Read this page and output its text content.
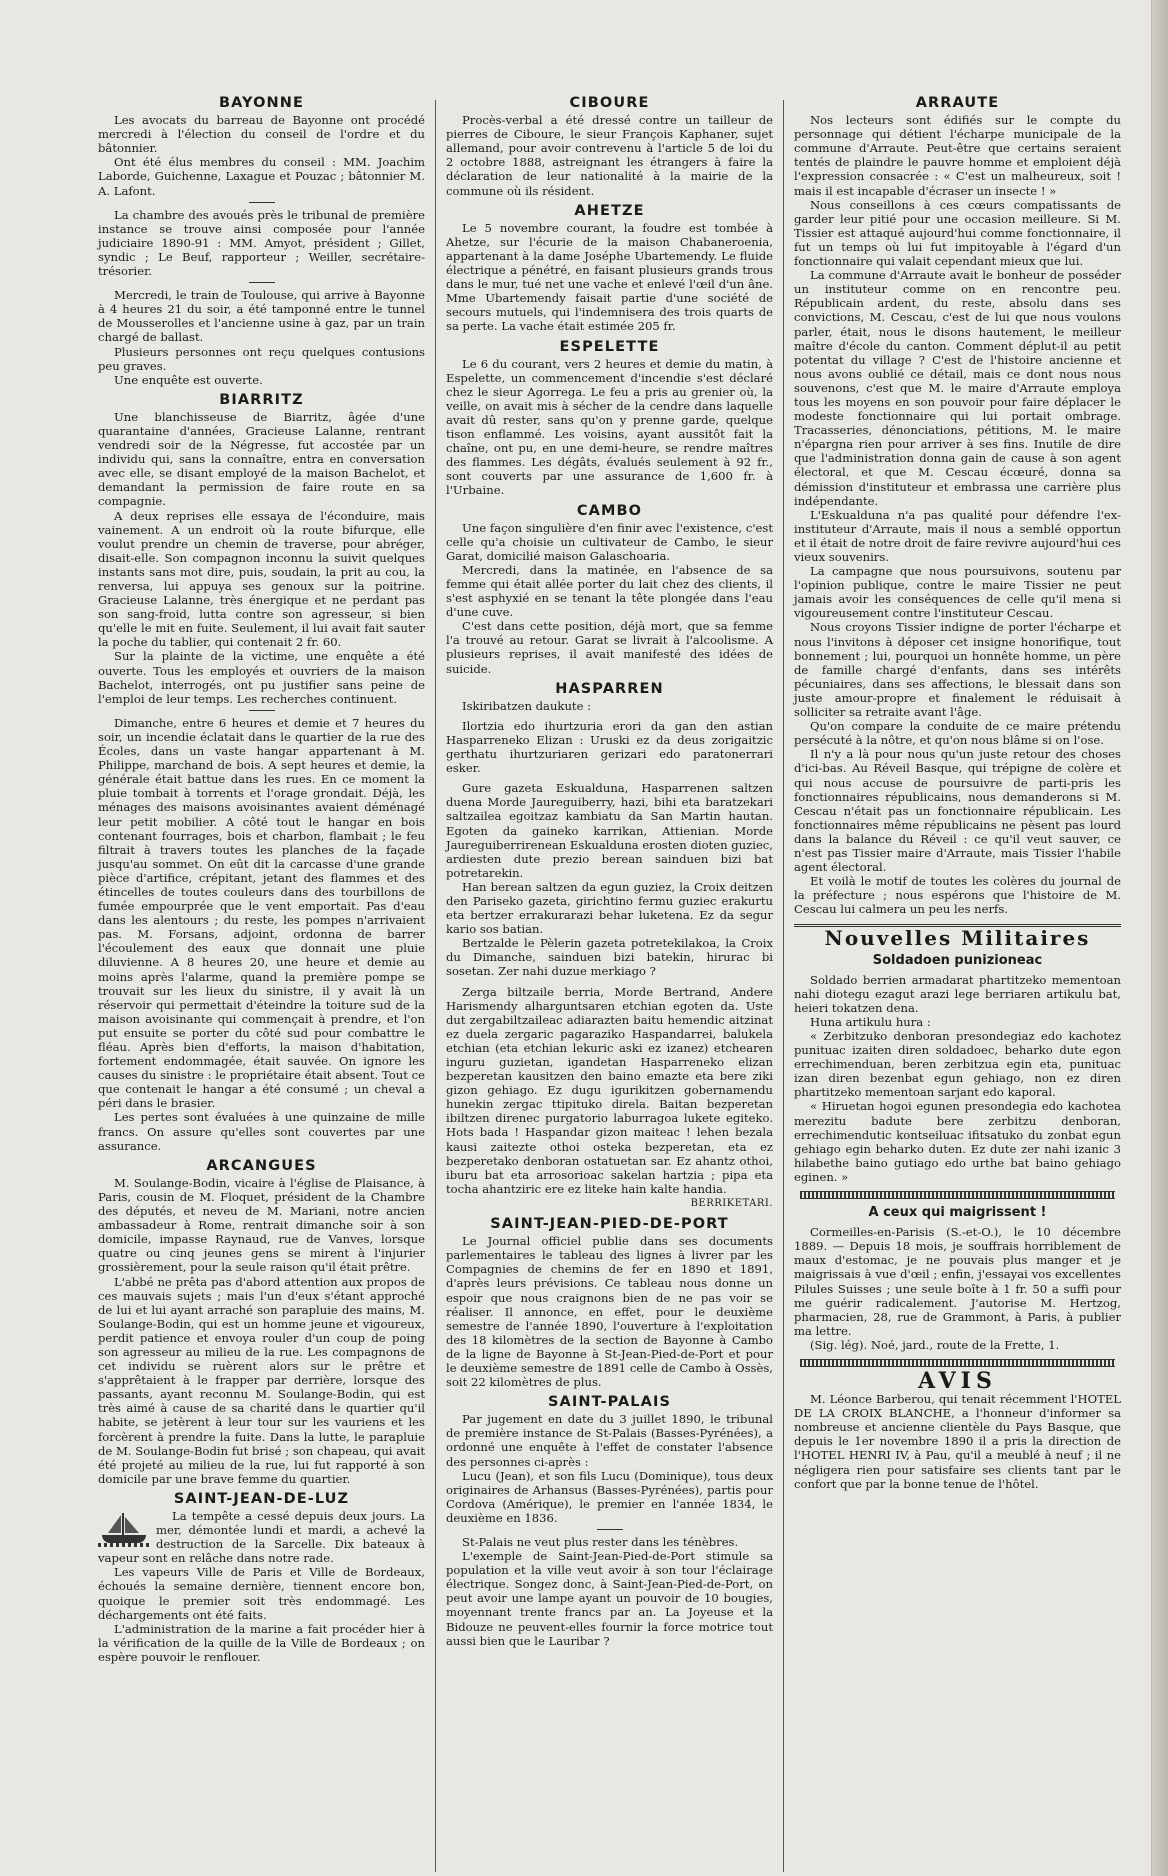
BAYONNE

Les avocats du barreau de Bayonne ont procédé mercredi à l'élection du conseil de l'ordre et du bâtonnier.

Ont été élus membres du conseil : MM. Joachim Laborde, Guichenne, Laxague et Pouzac ; bâtonnier M. A. Lafont.

La chambre des avoués près le tribunal de première instance se trouve ainsi composée pour l'année judiciaire 1890-91 : MM. Amyot, président ; Gillet, syndic ; Le Beuf, rapporteur ; Weiller, secrétaire-trésorier.

Mercredi, le train de Toulouse, qui arrive à Bayonne à 4 heures 21 du soir, a été tamponné entre le tunnel de Mousserolles et l'ancienne usine à gaz, par un train chargé de ballast.

Plusieurs personnes ont reçu quelques contusions peu graves.

Une enquête est ouverte.

BIARRITZ

Une blanchisseuse de Biarritz, âgée d'une quarantaine d'années, Gracieuse Lalanne, rentrant vendredi soir de la Négresse, fut accostée par un individu qui, sans la connaître, entra en conversation avec elle, se disant employé de la maison Bachelot, et demandant la permission de faire route en sa compagnie.

A deux reprises elle essaya de l'éconduire, mais vainement. A un endroit où la route bifurque, elle voulut prendre un chemin de traverse, pour abréger, disait-elle. Son compagnon inconnu la suivit quelques instants sans mot dire, puis, soudain, la prit au cou, la renversa, lui appuya ses genoux sur la poitrine. Gracieuse Lalanne, très énergique et ne perdant pas son sang-froid, lutta contre son agresseur, si bien qu'elle le mit en fuite. Seulement, il lui avait fait sauter la poche du tablier, qui contenait 2 fr. 60.

Sur la plainte de la victime, une enquête a été ouverte. Tous les employés et ouvriers de la maison Bachelot, interrogés, ont pu justifier sans peine de l'emploi de leur temps. Les recherches continuent.

Dimanche, entre 6 heures et demie et 7 heures du soir, un incendie éclatait dans le quartier de la rue des Écoles, dans un vaste hangar appartenant à M. Philippe, marchand de bois. A sept heures et demie, la générale était battue dans les rues. En ce moment la pluie tombait à torrents et l'orage grondait. Déjà, les ménages des maisons avoisinantes avaient déménagé leur petit mobilier. A côté tout le hangar en bois contenant fourrages, bois et charbon, flambait ; le feu filtrait à travers toutes les planches de la façade jusqu'au sommet. On eût dit la carcasse d'une grande pièce d'artifice, crépitant, jetant des flammes et des étincelles de toutes couleurs dans des tourbillons de fumée empourprée que le vent emportait. Pas d'eau dans les alentours ; du reste, les pompes n'arrivaient pas. M. Forsans, adjoint, ordonna de barrer l'écoulement des eaux que donnait une pluie diluvienne. A 8 heures 20, une heure et demie au moins après l'alarme, quand la première pompe se trouvait sur les lieux du sinistre, il y avait là un réservoir qui permettait d'éteindre la toiture sud de la maison avoisinante qui commençait à prendre, et l'on put ensuite se porter du côté sud pour combattre le fléau. Après bien d'efforts, la maison d'habitation, fortement endommagée, était sauvée. On ignore les causes du sinistre : le propriétaire était absent. Tout ce que contenait le hangar a été consumé ; un cheval a péri dans le brasier.

Les pertes sont évaluées à une quinzaine de mille francs. On assure qu'elles sont couvertes par une assurance.

ARCANGUES

M. Soulange-Bodin, vicaire à l'église de Plaisance, à Paris, cousin de M. Floquet, président de la Chambre des députés, et neveu de M. Mariani, notre ancien ambassadeur à Rome, rentrait dimanche soir à son domicile, impasse Raynaud, rue de Vanves, lorsque quatre ou cinq jeunes gens se mirent à l'injurier grossièrement, pour la seule raison qu'il était prêtre.

L'abbé ne prêta pas d'abord attention aux propos de ces mauvais sujets ; mais l'un d'eux s'étant approché de lui et lui ayant arraché son parapluie des mains, M. Soulange-Bodin, qui est un homme jeune et vigoureux, perdit patience et envoya rouler d'un coup de poing son agresseur au milieu de la rue. Les compagnons de cet individu se ruèrent alors sur le prêtre et s'apprêtaient à le frapper par derrière, lorsque des passants, ayant reconnu M. Soulange-Bodin, qui est très aimé à cause de sa charité dans le quartier qu'il habite, se jetèrent à leur tour sur les vauriens et les forcèrent à prendre la fuite. Dans la lutte, le parapluie de M. Soulange-Bodin fut brisé ; son chapeau, qui avait été projeté au milieu de la rue, lui fut rapporté à son domicile par une brave femme du quartier.

SAINT-JEAN-DE-LUZ

La tempête a cessé depuis deux jours. La mer, démontée lundi et mardi, a achevé la destruction de la Sarcelle. Dix bateaux à vapeur sont en relâche dans notre rade.

Les vapeurs Ville de Paris et Ville de Bordeaux, échoués la semaine dernière, tiennent encore bon, quoique le premier soit très endommagé. Les déchargements ont été faits.

L'administration de la marine a fait procéder hier à la vérification de la quille de la Ville de Bordeaux ; on espère pouvoir le renflouer.

CIBOURE

Procès-verbal a été dressé contre un tailleur de pierres de Ciboure, le sieur François Kaphaner, sujet allemand, pour avoir contrevenu à l'article 5 de loi du 2 octobre 1888, astreignant les étrangers à faire la déclaration de leur nationalité à la mairie de la commune où ils résident.

AHETZE

Le 5 novembre courant, la foudre est tombée à Ahetze, sur l'écurie de la maison Chabaneroenia, appartenant à la dame Joséphe Ubartemendy. Le fluide électrique a pénétré, en faisant plusieurs grands trous dans le mur, tué net une vache et enlevé l'œil d'un âne. Mme Ubartemendy faisait partie d'une société de secours mutuels, qui l'indemnisera des trois quarts de sa perte. La vache était estimée 205 fr.

ESPELETTE

Le 6 du courant, vers 2 heures et demie du matin, à Espelette, un commencement d'incendie s'est déclaré chez le sieur Agorrega. Le feu a pris au grenier où, la veille, on avait mis à sécher de la cendre dans laquelle avait dû rester, sans qu'on y prenne garde, quelque tison enflammé. Les voisins, ayant aussitôt fait la chaîne, ont pu, en une demi-heure, se rendre maîtres des flammes. Les dégâts, évalués seulement à 92 fr., sont couverts par une assurance de 1,600 fr. à l'Urbaine.

CAMBO

Une façon singulière d'en finir avec l'existence, c'est celle qu'a choisie un cultivateur de Cambo, le sieur Garat, domicilié maison Galaschoaria.

Mercredi, dans la matinée, en l'absence de sa femme qui était allée porter du lait chez des clients, il s'est asphyxié en se tenant la tête plongée dans l'eau d'une cuve.

C'est dans cette position, déjà mort, que sa femme l'a trouvé au retour. Garat se livrait à l'alcoolisme. A plusieurs reprises, il avait manifesté des idées de suicide.

HASPARREN

Iskiribatzen daukute :

Ilortzia edo ihurtzuria erori da gan den astian Hasparreneko Elizan : Uruski ez da deus zorigaitzic gerthatu ihurtzuriaren gerizari edo paratonerrari esker.

Gure gazeta Eskualduna, Hasparrenen saltzen duena Morde Jaureguiberry, hazi, bihi eta baratzekari saltzailea egoitzaz kambiatu da San Martin hautan. Egoten da gaineko karrikan, Attienian. Morde Jaureguiberrirenean Eskualduna erosten dioten guziec, ardiesten dute prezio berean sainduen bizi bat potretarekin.

Han berean saltzen da egun guziez, la Croix deitzen den Pariseko gazeta, girichtino fermu guziec erakurtu eta bertzer errakurarazi behar luketena. Ez da segur kario sos batian.

Bertzalde le Pèlerin gazeta potretekilakoa, la Croix du Dimanche, sainduen bizi batekin, hirurac bi sosetan. Zer nahi duzue merkiago ?

Zerga biltzaile berria, Morde Bertrand, Andere Harismendy alharguntsaren etchian egoten da. Uste dut zergabiltzaileac adiarazten baitu hemendic aitzinat ez duela zergaric pagaraziko Haspandarrei, balukela etchian (eta etchian lekuric aski ez izanez) etchearen inguru guzietan, igandetan Hasparreneko elizan bezperetan kausitzen den baino emazte eta bere ziki gizon gehiago. Ez dugu igurikitzen gobernamendu hunekin zergac ttipituko direla. Baitan bezperetan ibiltzen direnec purgatorio laburragoa lukete egiteko. Hots bada ! Haspandar gizon maiteac ! lehen bezala kausi zaitezte othoi osteka bezperetan, eta ez bezperetako denboran ostatuetan sar. Ez ahantz othoi, iburu bat eta arrosorioac sakelan hartzia ; pipa eta tocha ahantziric ere ez liteke hain kalte handia.

BERRIKETARI.

SAINT-JEAN-PIED-DE-PORT

Le Journal officiel publie dans ses documents parlementaires le tableau des lignes à livrer par les Compagnies de chemins de fer en 1890 et 1891, d'après leurs prévisions. Ce tableau nous donne un espoir que nous craignons bien de ne pas voir se réaliser. Il annonce, en effet, pour le deuxième semestre de l'année 1890, l'ouverture à l'exploitation des 18 kilomètres de la section de Bayonne à Cambo de la ligne de Bayonne à St-Jean-Pied-de-Port et pour le deuxième semestre de 1891 celle de Cambo à Ossès, soit 22 kilomètres de plus.

SAINT-PALAIS

Par jugement en date du 3 juillet 1890, le tribunal de première instance de St-Palais (Basses-Pyrénées), a ordonné une enquête à l'effet de constater l'absence des personnes ci-après :

Lucu (Jean), et son fils Lucu (Dominique), tous deux originaires de Arhansus (Basses-Pyrénées), partis pour Cordova (Amérique), le premier en l'année 1834, le deuxième en 1836.

St-Palais ne veut plus rester dans les ténèbres.

L'exemple de Saint-Jean-Pied-de-Port stimule sa population et la ville veut avoir à son tour l'éclairage électrique. Songez donc, à Saint-Jean-Pied-de-Port, on peut avoir une lampe ayant un pouvoir de 10 bougies, moyennant trente francs par an. La Joyeuse et la Bidouze ne peuvent-elles fournir la force motrice tout aussi bien que le Lauribar ?

ARRAUTE

Nos lecteurs sont édifiés sur le compte du personnage qui détient l'écharpe municipale de la commune d'Arraute. Peut-être que certains seraient tentés de plaindre le pauvre homme et emploient déjà l'expression consacrée : « C'est un malheureux, soit ! mais il est incapable d'écraser un insecte ! »

Nous conseillons à ces cœurs compatissants de garder leur pitié pour une occasion meilleure. Si M. Tissier est attaqué aujourd'hui comme fonctionnaire, il fut un temps où lui fut impitoyable à l'égard d'un fonctionnaire qui valait cependant mieux que lui.

La commune d'Arraute avait le bonheur de posséder un instituteur comme on en rencontre peu. Républicain ardent, du reste, absolu dans ses convictions, M. Cescau, c'est de lui que nous voulons parler, était, nous le disons hautement, le meilleur maître d'école du canton. Comment déplut-il au petit potentat du village ? C'est de l'histoire ancienne et nous avons oublié ce détail, mais ce dont nous nous souvenons, c'est que M. le maire d'Arraute employa tous les moyens en son pouvoir pour faire déplacer le modeste fonctionnaire qui lui portait ombrage. Tracasseries, dénonciations, pétitions, M. le maire n'épargna rien pour arriver à ses fins. Inutile de dire que l'administration donna gain de cause à son agent électoral, et que M. Cescau écœuré, donna sa démission d'instituteur et embrassa une carrière plus indépendante.

L'Eskualduna n'a pas qualité pour défendre l'ex-instituteur d'Arraute, mais il nous a semblé opportun et il était de notre droit de faire revivre aujourd'hui ces vieux souvenirs.

La campagne que nous poursuivons, soutenu par l'opinion publique, contre le maire Tissier ne peut jamais avoir les conséquences de celle qu'il mena si vigoureusement contre l'instituteur Cescau.

Nous croyons Tissier indigne de porter l'écharpe et nous l'invitons à déposer cet insigne honorifique, tout bonnement ; lui, pourquoi un honnête homme, un père de famille chargé d'enfants, dans ses intérêts pécuniaires, dans ses affections, le blessait dans son juste amour-propre et finalement le réduisait à solliciter sa retraite avant l'âge.

Qu'on compare la conduite de ce maire prétendu persécuté à la nôtre, et qu'on nous blâme si on l'ose.

Il n'y a là pour nous qu'un juste retour des choses d'ici-bas. Au Réveil Basque, qui trépigne de colère et qui nous accuse de poursuivre de parti-pris les fonctionnaires républicains, nous demanderons si M. Cescau n'était pas un fonctionnaire républicain. Les fonctionnaires même républicains ne pèsent pas lourd dans la balance du Réveil : ce qu'il veut sauver, ce n'est pas Tissier maire d'Arraute, mais Tissier l'habile agent électoral.

Et voilà le motif de toutes les colères du journal de la préfecture ; nous espérons que l'histoire de M. Cescau lui calmera un peu les nerfs.

Nouvelles Militaires
Soldadoen punizioneac

Soldado berrien armadarat phartitzeko mementoan nahi diotegu ezagut arazi lege berriaren artikulu bat, heieri tokatzen dena.

Huna artikulu hura :

« Zerbitzuko denboran presondegiaz edo kachotez punituac izaiten diren soldadoec, beharko dute egon errechimenduan, beren zerbitzua egin eta, punituac izan diren bezenbat egun gehiago, non ez diren phartitzeko mementoan sarjant edo kaporal.

« Hiruetan hogoi egunen presondegia edo kachotea merezitu badute bere zerbitzu denboran, errechimendutic kontseiluac ifitsatuko du zonbat egun gehiago egin beharko duten. Ez dute zer nahi izanic 3 hilabethe baino gutiago edo urthe bat baino gehiago eginen. »

A ceux qui maigrissent !

Cormeilles-en-Parisis (S.-et-O.), le 10 décembre 1889. — Depuis 18 mois, je souffrais horriblement de maux d'estomac, je ne pouvais plus manger et je maigrissais à vue d'œil ; enfin, j'essayai vos excellentes Pilules Suisses ; une seule boîte à 1 fr. 50 a suffi pour me guérir radicalement. J'autorise M. Hertzog, pharmacien, 28, rue de Grammont, à Paris, à publier ma lettre.

(Sig. lég). Noé, jard., route de la Frette, 1.

AVIS

M. Léonce Barberou, qui tenait récemment l'HOTEL DE LA CROIX BLANCHE, a l'honneur d'informer sa nombreuse et ancienne clientèle du Pays Basque, que depuis le 1er novembre 1890 il a pris la direction de l'HOTEL HENRI IV, à Pau, qu'il a meublé à neuf ; il ne négligera rien pour satisfaire ses clients tant par le confort que par la bonne tenue de l'hôtel.
